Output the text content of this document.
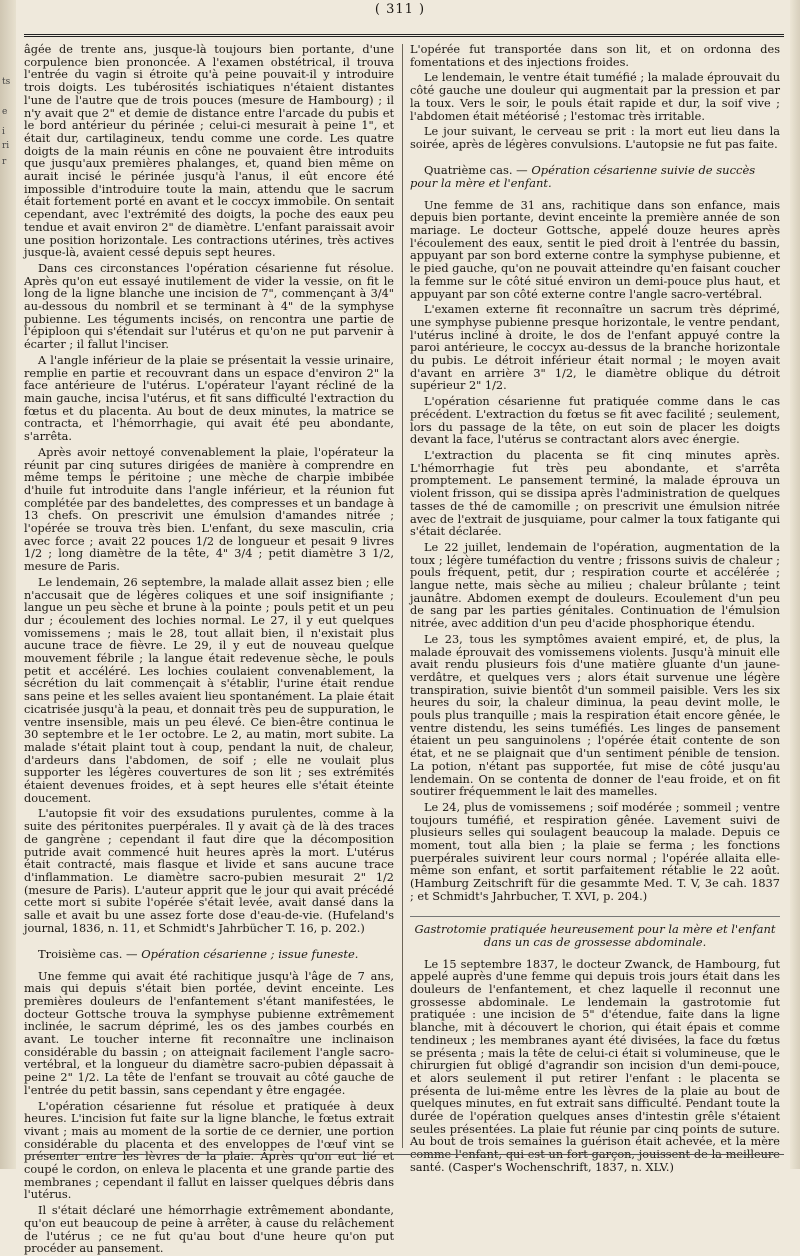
ts
e
i
ri
r
( 311 )

âgée de trente ans, jusque-là toujours bien portante, d'une corpulence bien prononcée. A l'examen obstétrical, il trouva l'entrée du vagin si étroite qu'à peine pouvait-il y introduire trois doigts. Les tubérosités ischiatiques n'étaient distantes l'une de l'autre que de trois pouces (mesure de Hambourg) ; il n'y avait que 2" et demie de distance entre l'arcade du pubis et le bord antérieur du périnée ; celui-ci mesurait à peine 1", et était dur, cartilagineux, tendu comme une corde. Les quatre doigts de la main réunis en cône ne pouvaient être introduits que jusqu'aux premières phalanges, et, quand bien même on aurait incisé le périnée jusqu'à l'anus, il eût encore été impossible d'introduire toute la main, attendu que le sacrum était fortement porté en avant et le coccyx immobile. On sentait cependant, avec l'extrémité des doigts, la poche des eaux peu tendue et avait environ 2" de diamètre. L'enfant paraissait avoir une position horizontale. Les contractions utérines, très actives jusque-là, avaient cessé depuis sept heures.

Dans ces circonstances l'opération césarienne fut résolue. Après qu'on eut essayé inutilement de vider la vessie, on fit le long de la ligne blanche une incision de 7", commençant à 3/4" au-dessous du nombril et se terminant à 4" de la symphyse pubienne. Les téguments incisés, on rencontra une partie de l'épiploon qui s'étendait sur l'utérus et qu'on ne put parvenir à écarter ; il fallut l'inciser.

A l'angle inférieur de la plaie se présentait la vessie urinaire, remplie en partie et recouvrant dans un espace d'environ 2" la face antérieure de l'utérus. L'opérateur l'ayant récliné de la main gauche, incisa l'utérus, et fit sans difficulté l'extraction du fœtus et du placenta. Au bout de deux minutes, la matrice se contracta, et l'hémorrhagie, qui avait été peu abondante, s'arrêta.

Après avoir nettoyé convenablement la plaie, l'opérateur la réunit par cinq sutures dirigées de manière à comprendre en même temps le péritoine ; une mèche de charpie imbibée d'huile fut introduite dans l'angle inférieur, et la réunion fut complétée par des bandelettes, des compresses et un bandage à 13 chefs. On prescrivit une émulsion d'amandes nitrée ; l'opérée se trouva très bien. L'enfant, du sexe masculin, cria avec force ; avait 22 pouces 1/2 de longueur et pesait 9 livres 1/2 ; long diamètre de la tête, 4" 3/4 ; petit diamètre 3 1/2, mesure de Paris.

Le lendemain, 26 septembre, la malade allait assez bien ; elle n'accusait que de légères coliques et une soif insignifiante ; langue un peu sèche et brune à la pointe ; pouls petit et un peu dur ; écoulement des lochies normal. Le 27, il y eut quelques vomissemens ; mais le 28, tout allait bien, il n'existait plus aucune trace de fièvre. Le 29, il y eut de nouveau quelque mouvement fébrile ; la langue était redevenue sèche, le pouls petit et accéléré. Les lochies coulaient convenablement, la sécrétion du lait commençait à s'établir, l'urine était rendue sans peine et les selles avaient lieu spontanément. La plaie était cicatrisée jusqu'à la peau, et donnait très peu de suppuration, le ventre insensible, mais un peu élevé. Ce bien-être continua le 30 septembre et le 1er octobre. Le 2, au matin, mort subite. La malade s'était plaint tout à coup, pendant la nuit, de chaleur, d'ardeurs dans l'abdomen, de soif ; elle ne voulait plus supporter les légères couvertures de son lit ; ses extrémités étaient devenues froides, et à sept heures elle s'était éteinte doucement.

L'autopsie fit voir des exsudations purulentes, comme à la suite des péritonites puerpérales. Il y avait çà de là des traces de gangrène ; cependant il faut dire que la décomposition putride avait commencé huit heures après la mort. L'utérus était contracté, mais flasque et livide et sans aucune trace d'inflammation. Le diamètre sacro-pubien mesurait 2" 1/2 (mesure de Paris). L'auteur apprit que le jour qui avait précédé cette mort si subite l'opérée s'était levée, avait dansé dans la salle et avait bu une assez forte dose d'eau-de-vie. (Hufeland's journal, 1836, n. 11, et Schmidt's Jahrbücher T. 16, p. 202.)

Troisième cas. — Opération césarienne ; issue funeste.

Une femme qui avait été rachitique jusqu'à l'âge de 7 ans, mais qui depuis s'était bien portée, devint enceinte. Les premières douleurs de l'enfantement s'étant manifestées, le docteur Gottsche trouva la symphyse pubienne extrêmement inclinée, le sacrum déprimé, les os des jambes courbés en avant. Le toucher interne fit reconnaître une inclinaison considérable du bassin ; on atteignait facilement l'angle sacro-vertébral, et la longueur du diamètre sacro-pubien dépassait à peine 2" 1/2. La tête de l'enfant se trouvait au côté gauche de l'entrée du petit bassin, sans cependant y être engagée.

L'opération césarienne fut résolue et pratiquée à deux heures. L'incision fut faite sur la ligne blanche, le fœtus extrait vivant ; mais au moment de la sortie de ce dernier, une portion considérable du placenta et des enveloppes de l'œuf vint se présenter entre les lèvres de la plaie. Après qu'on eut lié et coupé le cordon, on enleva le placenta et une grande partie des membranes ; cependant il fallut en laisser quelques débris dans l'utérus.

Il s'était déclaré une hémorrhagie extrêmement abondante, qu'on eut beaucoup de peine à arrêter, à cause du relâchement de l'utérus ; ce ne fut qu'au bout d'une heure qu'on put procéder au pansement.

L'opérée fut transportée dans son lit, et on ordonna des fomentations et des injections froides.

Le lendemain, le ventre était tuméfié ; la malade éprouvait du côté gauche une douleur qui augmentait par la pression et par la toux. Vers le soir, le pouls était rapide et dur, la soif vive ; l'abdomen était météorisé ; l'estomac très irritable.

Le jour suivant, le cerveau se prit : la mort eut lieu dans la soirée, après de légères convulsions. L'autopsie ne fut pas faite.

Quatrième cas. — Opération césarienne suivie de succès pour la mère et l'enfant.

Une femme de 31 ans, rachitique dans son enfance, mais depuis bien portante, devint enceinte la première année de son mariage. Le docteur Gottsche, appelé douze heures après l'écoulement des eaux, sentit le pied droit à l'entrée du bassin, appuyant par son bord externe contre la symphyse pubienne, et le pied gauche, qu'on ne pouvait atteindre qu'en faisant coucher la femme sur le côté situé environ un demi-pouce plus haut, et appuyant par son côté externe contre l'angle sacro-vertébral.

L'examen externe fit reconnaître un sacrum très déprimé, une symphyse pubienne presque horizontale, le ventre pendant, l'utérus incliné à droite, le dos de l'enfant appuyé contre la paroi antérieure, le coccyx au-dessus de la branche horizontale du pubis. Le détroit inférieur était normal ; le moyen avait d'avant en arrière 3" 1/2, le diamètre oblique du détroit supérieur 2" 1/2.

L'opération césarienne fut pratiquée comme dans le cas précédent. L'extraction du fœtus se fit avec facilité ; seulement, lors du passage de la tête, on eut soin de placer les doigts devant la face, l'utérus se contractant alors avec énergie.

L'extraction du placenta se fit cinq minutes après. L'hémorrhagie fut très peu abondante, et s'arrêta promptement. Le pansement terminé, la malade éprouva un violent frisson, qui se dissipa après l'administration de quelques tasses de thé de camomille ; on prescrivit une émulsion nitrée avec de l'extrait de jusquiame, pour calmer la toux fatigante qui s'était déclarée.

Le 22 juillet, lendemain de l'opération, augmentation de la toux ; légère tuméfaction du ventre ; frissons suivis de chaleur ; pouls fréquent, petit, dur ; respiration courte et accélérée ; langue nette, mais sèche au milieu ; chaleur brûlante ; teint jaunâtre. Abdomen exempt de douleurs. Ecoulement d'un peu de sang par les parties génitales. Continuation de l'émulsion nitrée, avec addition d'un peu d'acide phosphorique étendu.

Le 23, tous les symptômes avaient empiré, et, de plus, la malade éprouvait des vomissemens violents. Jusqu'à minuit elle avait rendu plusieurs fois d'une matière gluante d'un jaune-verdâtre, et quelques vers ; alors était survenue une légère transpiration, suivie bientôt d'un sommeil paisible. Vers les six heures du soir, la chaleur diminua, la peau devint molle, le pouls plus tranquille ; mais la respiration était encore gênée, le ventre distendu, les seins tuméfiés. Les linges de pansement étaient un peu sanguinolens ; l'opérée était contente de son état, et ne se plaignait que d'un sentiment pénible de tension. La potion, n'étant pas supportée, fut mise de côté jusqu'au lendemain. On se contenta de donner de l'eau froide, et on fit soutirer fréquemment le lait des mamelles.

Le 24, plus de vomissemens ; soif modérée ; sommeil ; ventre toujours tuméfié, et respiration gênée. Lavement suivi de plusieurs selles qui soulagent beaucoup la malade. Depuis ce moment, tout alla bien ; la plaie se ferma ; les fonctions puerpérales suivirent leur cours normal ; l'opérée allaita elle-même son enfant, et sortit parfaitement rétablie le 22 août. (Hamburg Zeitschrift für die gesammte Med. T. V, 3e cah. 1837 ; et Schmidt's Jahrbucher, T. XVI, p. 204.)

Gastrotomie pratiquée heureusement pour la mère et l'enfant dans un cas de grossesse abdominale.

Le 15 septembre 1837, le docteur Zwanck, de Hambourg, fut appelé auprès d'une femme qui depuis trois jours était dans les douleurs de l'enfantement, et chez laquelle il reconnut une grossesse abdominale. Le lendemain la gastrotomie fut pratiquée : une incision de 5" d'étendue, faite dans la ligne blanche, mit à découvert le chorion, qui était épais et comme tendineux ; les membranes ayant été divisées, la face du fœtus se présenta ; mais la tête de celui-ci était si volumineuse, que le chirurgien fut obligé d'agrandir son incision d'un demi-pouce, et alors seulement il put retirer l'enfant : le placenta se présenta de lui-même entre les lèvres de la plaie au bout de quelques minutes, en fut extrait sans difficulté. Pendant toute la durée de l'opération quelques anses d'intestin grêle s'étaient seules présentées. La plaie fut réunie par cinq points de suture. Au bout de trois semaines la guérison était achevée, et la mère comme l'enfant, qui est un fort garçon, jouissent de la meilleure santé. (Casper's Wochenschrift, 1837, n. XLV.)
